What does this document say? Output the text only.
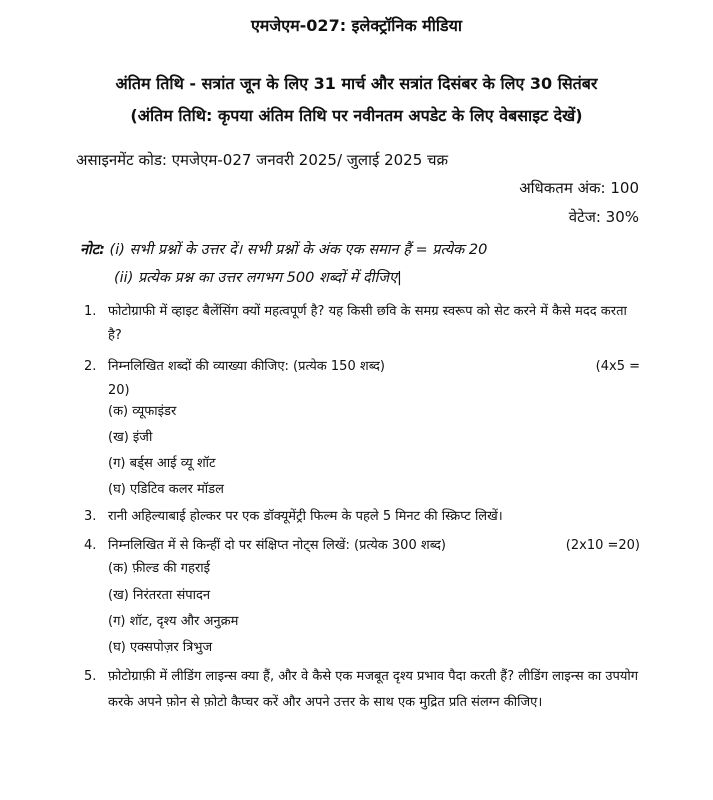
एमजेएम-027: इलेक्ट्रॉनिक मीडिया
अंतिम तिथि - सत्रांत जून के लिए 31 मार्च और सत्रांत दिसंबर के लिए 30 सितंबर
(अंतिम तिथि: कृपया अंतिम तिथि पर नवीनतम अपडेट के लिए वेबसाइट देखें)
असाइनमेंट कोड: एमजेएम-027 जनवरी 2025/ जुलाई 2025 चक्र
अधिकतम अंक: 100
वेटेज: 30%
नोट: (i) सभी प्रश्नों के उत्तर दें। सभी प्रश्नों के अंक एक समान हैं = प्रत्येक 20
(ii) प्रत्येक प्रश्न का उत्तर लगभग 500 शब्दों में दीजिए|
1. फोटोग्राफी में व्हाइट बैलेंसिंग क्यों महत्वपूर्ण है? यह किसी छवि के समग्र स्वरूप को सेट करने में कैसे मदद करता है?
2. निम्नलिखित शब्दों की व्याख्या कीजिए: (प्रत्येक 150 शब्द)	(4x5 =
20)
(क) व्यूफाइंडर
(ख) इंजी
(ग) बर्ड्स आई व्यू शॉट
(घ) एडिटिव कलर मॉडल
3. रानी अहिल्याबाई होल्कर पर एक डॉक्यूमेंट्री फिल्म के पहले 5 मिनट की स्क्रिप्ट लिखें।
4. निम्नलिखित में से किन्हीं दो पर संक्षिप्त नोट्स लिखें: (प्रत्येक 300 शब्द)	(2x10 =20)
(क) फ़ील्ड की गहराई
(ख) निरंतरता संपादन
(ग) शॉट, दृश्य और अनुक्रम
(घ) एक्सपोज़र त्रिभुज
5. फ़ोटोग्राफ़ी में लीडिंग लाइन्स क्या हैं, और वे कैसे एक मजबूत दृश्य प्रभाव पैदा करती हैं? लीडिंग लाइन्स का उपयोग करके अपने फ़ोन से फ़ोटो कैप्चर करें और अपने उत्तर के साथ एक मुद्रित प्रति संलग्न कीजिए।
